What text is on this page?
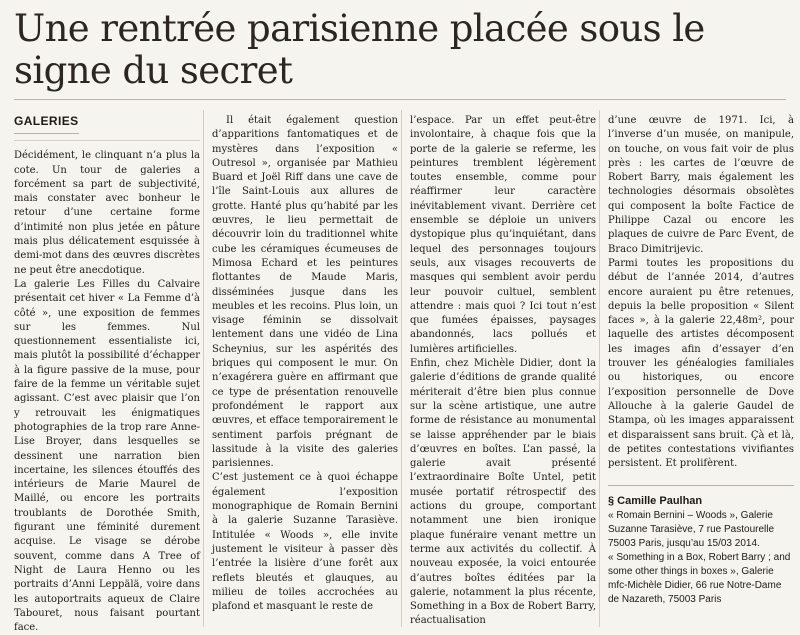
Une rentrée parisienne placée sous le signe du secret
GALERIES

Décidément, le clinquant n’a plus la cote. Un tour de galeries a forcément sa part de subjectivité, mais constater avec bonheur le retour d’une certaine forme d’intimité non plus jetée en pâture mais plus délicatement esquissée à demi-mot dans des œuvres discrètes ne peut être anecdotique.

La galerie Les Filles du Calvaire présentait cet hiver « La Femme d’à côté », une exposition de femmes sur les femmes. Nul questionnement essentialiste ici, mais plutôt la possibilité d’échapper à la figure passive de la muse, pour faire de la femme un véritable sujet agissant. C’est avec plaisir que l’on y retrouvait les énigmatiques photographies de la trop rare Anne-Lise Broyer, dans lesquelles se dessinent une narration bien incertaine, les silences étouffés des intérieurs de Marie Maurel de Maillé, ou encore les portraits troublants de Dorothée Smith, figurant une féminité durement acquise. Le visage se dérobe souvent, comme dans A Tree of Night de Laura Henno ou les portraits d’Anni Leppälä, voire dans les autoportraits aqueux de Claire Tabouret, nous faisant pourtant face.

Il était également question d’apparitions fantomatiques et de mystères dans l’exposition « Outresol », organisée par Mathieu Buard et Joël Riff dans une cave de l’île Saint-Louis aux allures de grotte. Hanté plus qu’habité par les œuvres, le lieu permettait de découvrir loin du traditionnel white cube les céramiques écumeuses de Mimosa Echard et les peintures flottantes de Maude Maris, disséminées jusque dans les meubles et les recoins. Plus loin, un visage féminin se dissolvait lentement dans une vidéo de Lina Scheynius, sur les aspérités des briques qui composent le mur. On n’exagérera guère en affirmant que ce type de présentation renouvelle profondément le rapport aux œuvres, et efface temporairement le sentiment parfois prégnant de lassitude à la visite des galeries parisiennes.

C’est justement ce à quoi échappe également l’exposition monographique de Romain Bernini à la galerie Suzanne Tarasiève. Intitulée « Woods », elle invite justement le visiteur à passer dès l’entrée la lisière d’une forêt aux reflets bleutés et glauques, au milieu de toiles accrochées au plafond et masquant le reste de

l’espace. Par un effet peut-être involontaire, à chaque fois que la porte de la galerie se referme, les peintures tremblent légèrement toutes ensemble, comme pour réaffirmer leur caractère inévitablement vivant. Derrière cet ensemble se déploie un univers dystopique plus qu’inquiétant, dans lequel des personnages toujours seuls, aux visages recouverts de masques qui semblent avoir perdu leur pouvoir cultuel, semblent attendre : mais quoi ? Ici tout n’est que fumées épaisses, paysages abandonnés, lacs pollués et lumières artificielles.

Enfin, chez Michèle Didier, dont la galerie d’éditions de grande qualité mériterait d’être bien plus connue sur la scène artistique, une autre forme de résistance au monumental se laisse appréhender par le biais d’œuvres en boîtes. L’an passé, la galerie avait présenté l’extraordinaire Boîte Untel, petit musée portatif rétrospectif des actions du groupe, comportant notamment une bien ironique plaque funéraire venant mettre un terme aux activités du collectif. À nouveau exposée, la voici entourée d’autres boîtes éditées par la galerie, notamment la plus récente, Something in a Box de Robert Barry, réactualisation

d’une œuvre de 1971. Ici, à l’inverse d’un musée, on manipule, on touche, on vous fait voir de plus près : les cartes de l’œuvre de Robert Barry, mais également les technologies désormais obsolètes qui composent la boîte Factice de Philippe Cazal ou encore les plaques de cuivre de Parc Event, de Braco Dimitrijevic.

Parmi toutes les propositions du début de l’année 2014, d’autres encore auraient pu être retenues, depuis la belle proposition « Silent faces », à la galerie 22,48m², pour laquelle des artistes décomposent les images afin d’essayer d’en trouver les généalogies familiales ou historiques, ou encore l’exposition personnelle de Dove Allouche à la galerie Gaudel de Stampa, où les images apparaissent et disparaissent sans bruit. Çà et là, de petites contestations vivifiantes persistent. Et prolifèrent.

§ Camille Paulhan

« Romain Bernini – Woods », Galerie Suzanne Tarasiève, 7 rue Pastourelle 75003 Paris, jusqu’au 15/03 2014.

« Something in a Box, Robert Barry ; and some other things in boxes », Galerie mfc-Michèle Didier, 66 rue Notre-Dame de Nazareth, 75003 Paris
